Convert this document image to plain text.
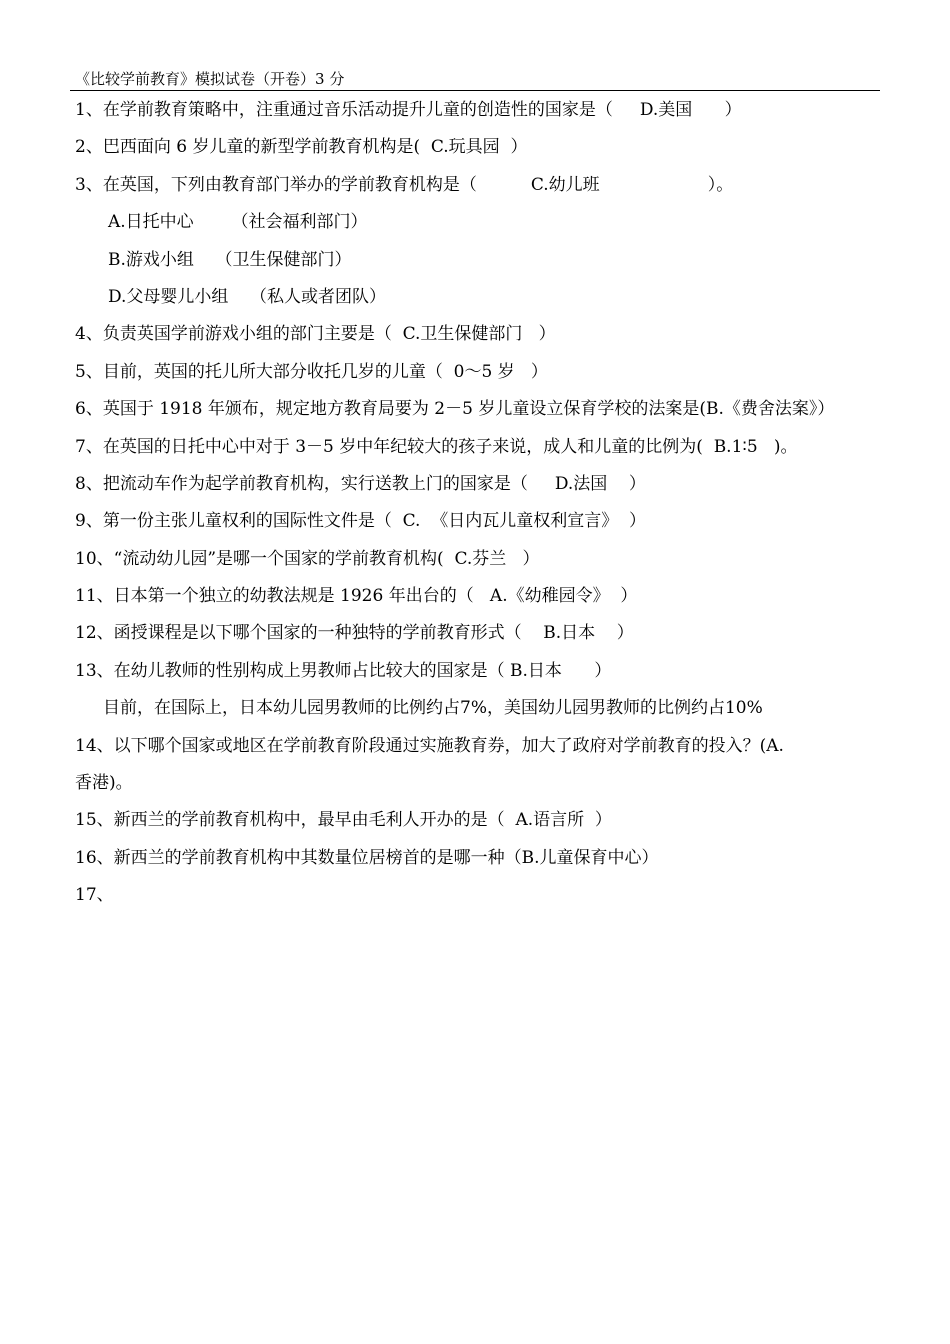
《比较学前教育》模拟试卷（开卷）3 分
1、在学前教育策略中，注重通过音乐活动提升儿童的创造性的国家是（     D.美国      ）
2、巴西面向 6 岁儿童的新型学前教育机构是(  C.玩具园  ）
3、在英国，下列由教育部门举办的学前教育机构是（          C.幼儿班                    ）。
A.日托中心       （社会福利部门）
B.游戏小组    （卫生保健部门）
D.父母婴儿小组    （私人或者团队）
4、负责英国学前游戏小组的部门主要是（  C.卫生保健部门   ）
5、目前，英国的托儿所大部分收托几岁的儿童（  0～5 岁   ）
6、英国于 1918 年颁布，规定地方教育局要为 2－5 岁儿童设立保育学校的法案是(B.《费舍法案》）
7、在英国的日托中心中对于 3－5 岁中年纪较大的孩子来说，成人和儿童的比例为(  B.1∶5   )。
8、把流动车作为起学前教育机构，实行送教上门的国家是（     D.法国    ）
9、第一份主张儿童权利的国际性文件是（  C.  《日内瓦儿童权利宣言》  ）
10、“流动幼儿园”是哪一个国家的学前教育机构(  C.芬兰   ）
11、日本第一个独立的幼教法规是 1926 年出台的（   A.《幼稚园令》  ）
12、函授课程是以下哪个国家的一种独特的学前教育形式（    B.日本    ）
13、在幼儿教师的性别构成上男教师占比较大的国家是（ B.日本      ）
目前，在国际上，日本幼儿园男教师的比例约占7%，美国幼儿园男教师的比例约占10%
14、以下哪个国家或地区在学前教育阶段通过实施教育券，加大了政府对学前教育的投入？(A.
香港)。
15、新西兰的学前教育机构中，最早由毛利人开办的是（  A.语言所  ）
16、新西兰的学前教育机构中其数量位居榜首的是哪一种（B.儿童保育中心）
17、
